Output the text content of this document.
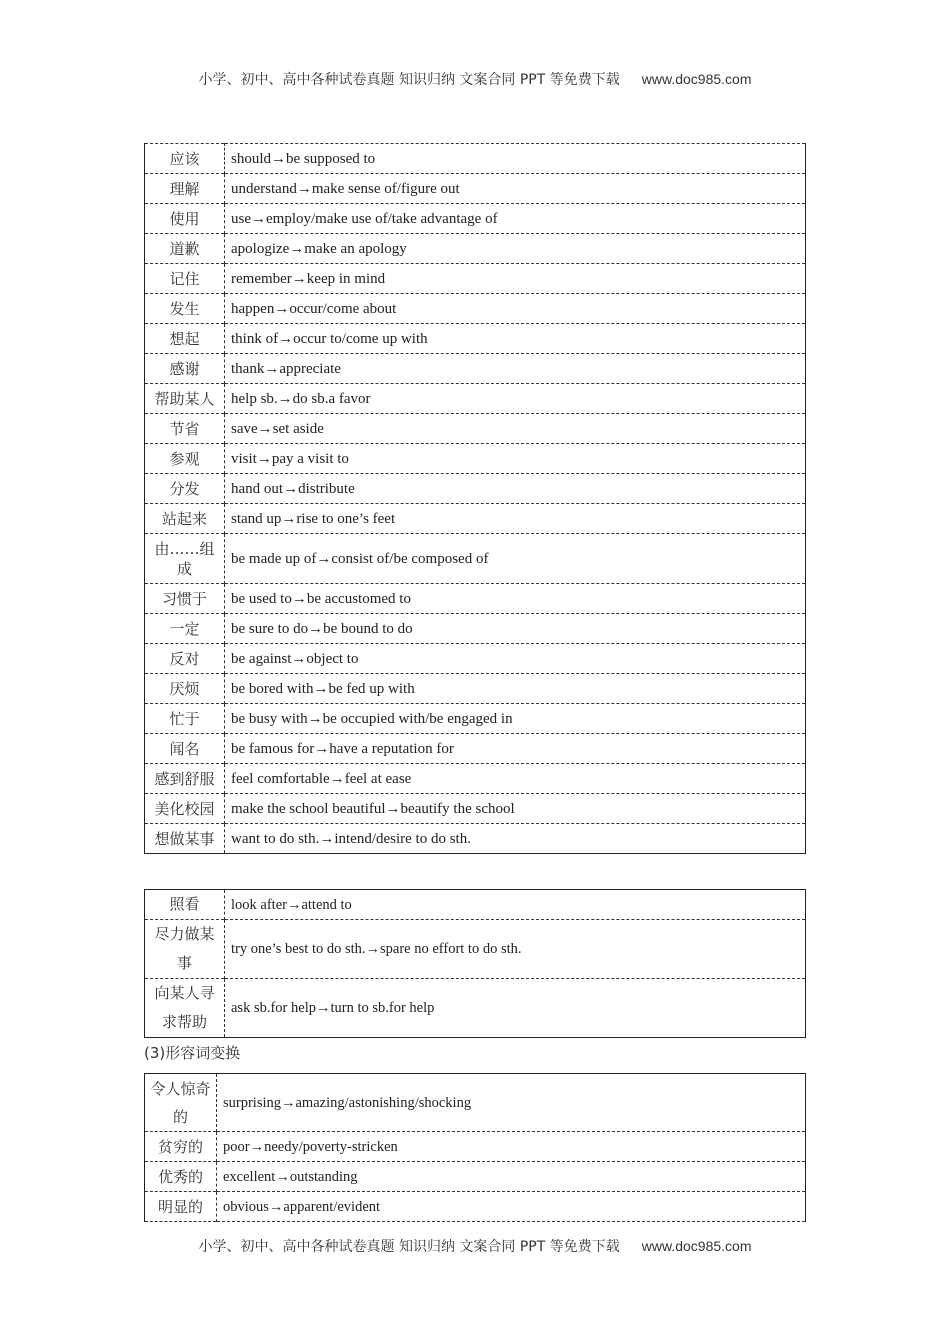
小学、初中、高中各种试卷真题 知识归纳 文案合同 PPT 等免费下载 www.doc985.com
应该	should→be supposed to
理解	understand→make sense of/figure out
使用	use→employ/make use of/take advantage of
道歉	apologize→make an apology
记住	remember→keep in mind
发生	happen→occur/come about
想起	think of→occur to/come up with
感谢	thank→appreciate
帮助某人	help sb.→do sb.a favor
节省	save→set aside
参观	visit→pay a visit to
分发	hand out→distribute
站起来	stand up→rise to one’s feet
由……组成	be made up of→consist of/be composed of
习惯于	be used to→be accustomed to
一定	be sure to do→be bound to do
反对	be against→object to
厌烦	be bored with→be fed up with
忙于	be busy with→be occupied with/be engaged in
闻名	be famous for→have a reputation for
感到舒服	feel comfortable→feel at ease
美化校园	make the school beautiful→beautify the school
想做某事	want to do sth.→intend/desire to do sth.
照看	look after→attend to
尽力做某事	try one’s best to do sth.→spare no effort to do sth.
向某人寻求帮助	ask sb.for help→turn to sb.for help
(3)形容词变换
令人惊奇的	surprising→amazing/astonishing/shocking
贫穷的	poor→needy/poverty-stricken
优秀的	excellent→outstanding
明显的	obvious→apparent/evident
小学、初中、高中各种试卷真题 知识归纳 文案合同 PPT 等免费下载 www.doc985.com
